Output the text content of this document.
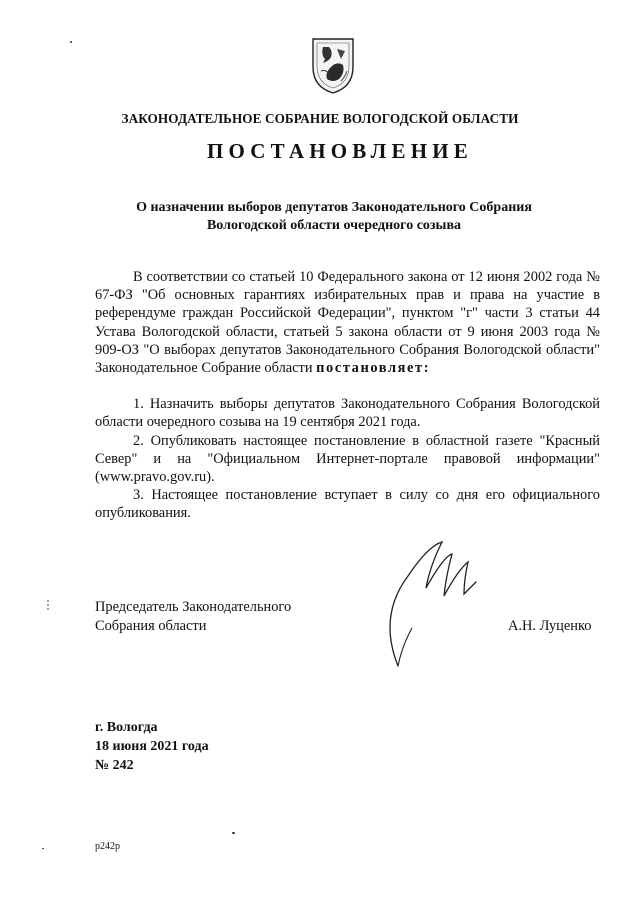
ЗАКОНОДАТЕЛЬНОЕ СОБРАНИЕ ВОЛОГОДСКОЙ ОБЛАСТИ
ПОСТАНОВЛЕНИЕ
О назначении выборов депутатов Законодательного Собрания
Вологодской области очередного созыва

В соответствии со статьей 10 Федерального закона от 12 июня 2002 года № 67-ФЗ "Об основных гарантиях избирательных прав и права на участие в референдуме граждан Российской Федерации", пунктом "г" части 3 статьи 44 Устава Вологодской области, статьей 5 закона области от 9 июня 2003 года № 909-ОЗ "О выборах депутатов Законодательного Собрания Вологодской области" Законодательное Собрание области постановляет:

1. Назначить выборы депутатов Законодательного Собрания Вологодской области очередного созыва на 19 сентября 2021 года.

2. Опубликовать настоящее постановление в областной газете "Красный Север" и на "Официальном Интернет-портале правовой информации" (www.pravo.gov.ru).

3. Настоящее постановление вступает в силу со дня его официального опубликования.

Председатель Законодательного
Собрания области	А.Н. Луценко
г. Вологда
18 июня 2021 года
№ 242
p242p
